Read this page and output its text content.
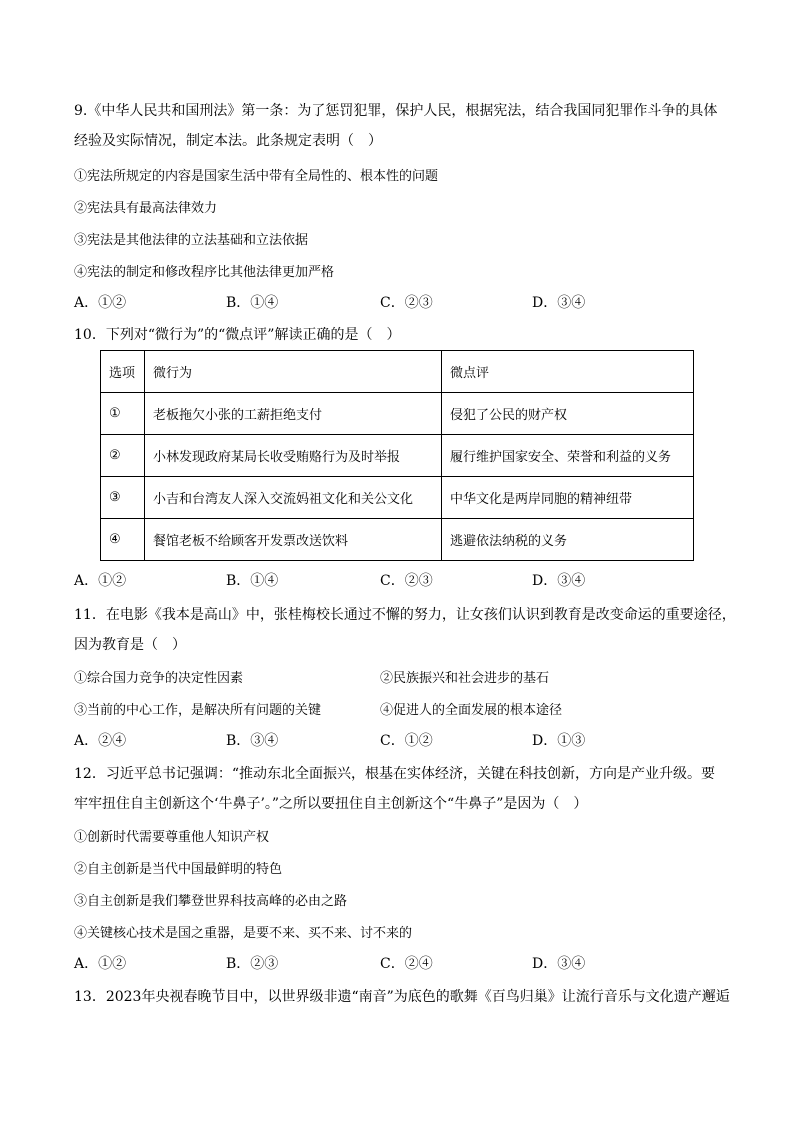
9.《中华人民共和国刑法》第一条：为了惩罚犯罪，保护人民，根据宪法，结合我国同犯罪作斗争的具体
经验及实际情况，制定本法。此条规定表明（　）
①宪法所规定的内容是国家生活中带有全局性的、根本性的问题
②宪法具有最高法律效力
③宪法是其他法律的立法基础和立法依据
④宪法的制定和修改程序比其他法律更加严格
A．①②	B．①④	C．②③	D．③④
10．下列对“微行为”的“微点评”解读正确的是（　）
选项	微行为	微点评
①	老板拖欠小张的工薪拒绝支付	侵犯了公民的财产权
②	小林发现政府某局长收受贿赂行为及时举报	履行维护国家安全、荣誉和利益的义务
③	小吉和台湾友人深入交流妈祖文化和关公文化	中华文化是两岸同胞的精神纽带
④	餐馆老板不给顾客开发票改送饮料	逃避依法纳税的义务
A．①②	B．①④	C．②③	D．③④
11．在电影《我本是高山》中，张桂梅校长通过不懈的努力，让女孩们认识到教育是改变命运的重要途径，
因为教育是（　）
①综合国力竞争的决定性因素	②民族振兴和社会进步的基石
③当前的中心工作，是解决所有问题的关键	④促进人的全面发展的根本途径
A．②④	B．③④	C．①②	D．①③
12．习近平总书记强调：“推动东北全面振兴，根基在实体经济，关键在科技创新，方向是产业升级。要
牢牢扭住自主创新这个‘牛鼻子’。”之所以要扭住自主创新这个“牛鼻子”是因为（　）
①创新时代需要尊重他人知识产权
②自主创新是当代中国最鲜明的特色
③自主创新是我们攀登世界科技高峰的必由之路
④关键核心技术是国之重器，是要不来、买不来、讨不来的
A．①②	B．②③	C．②④	D．③④
13．2023年央视春晚节目中，以世界级非遗“南音”为底色的歌舞《百鸟归巢》让流行音乐与文化遗产邂逅
